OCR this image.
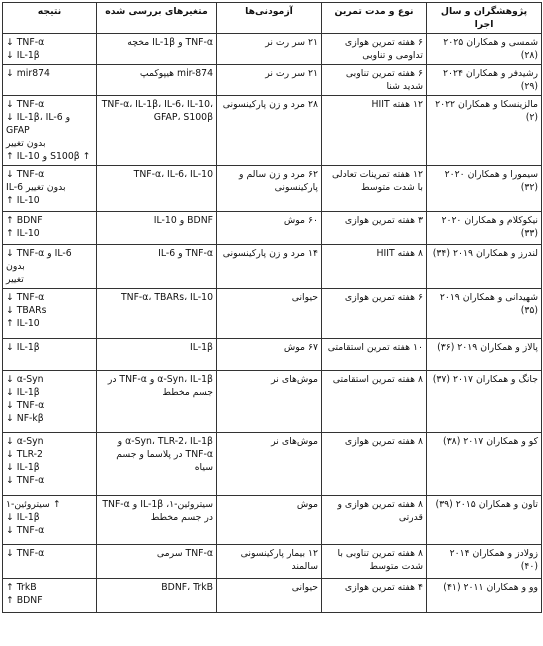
پژوهشگران و سال اجرا	نوع و مدت تمرین	آزمودنی‌ها	متغیرهای بررسی شده	نتیجه
شمسی و همکاران ۲۰۲۵ (۲۸)	۶ هفته تمرین هوازی تداومی و تناوبی	۲۱ سر رت نر	TNF-α و IL-1β مخچه	↓ TNF-α
↓ IL-1β

رشیدفر و همکاران ۲۰۲۴ (۲۹)	۶ هفته تمرین تناوبی شدید شنا	۲۱ سر رت نر	mir-874 هیپوکمپ	↓ mir874

مالزینسکا و همکاران ۲۰۲۲ (۲)	۱۲ هفته HIIT	۲۸ مرد و زن پارکینسونی	TNF-α، IL-1β، IL-6، IL-10، GFAP، S100β	↓ TNF-α
↓ IL-1β، IL-6 و GFAP
بدون تغییر
↑ IL-10 و S100β ↑

سیمورا و همکاران ۲۰۲۰ (۳۲)	۱۲ هفته تمرینات تعادلی با شدت متوسط	۶۲ مرد و زن سالم و پارکینسونی	TNF-α، IL-6، IL-10	↓ TNF-α
IL-6 بدون تغییر
↑ IL-10

نیکوکلام و همکاران ۲۰۲۰ (۳۳)	۳ هفته تمرین هوازی	۶۰ موش	BDNF و IL-10	↑ BDNF
↑ IL-10

لندرز و همکاران ۲۰۱۹ (۳۴)	۸ هفته HIIT	۱۴ مرد و زن پارکینسونی	TNF-α و IL-6	↓ TNF-α و IL-6 بدون
تغییر

شهیدانی و همکاران ۲۰۱۹ (۳۵)	۶ هفته تمرین هوازی	حیوانی	TNF-α، TBARs، IL-10	↓ TNF-α
↓ TBARs
↑ IL-10

پالاز و همکاران ۲۰۱۹ (۳۶)	۱۰ هفته تمرین استقامتی	۶۷ موش	IL-1β	↓ IL-1β

جانگ و همکاران ۲۰۱۷ (۳۷)	۸ هفته تمرین استقامتی	موش‌های نر	α-Syn، IL-1β و TNF-α در جسم مخطط	↓ α-Syn
↓ IL-1β
↓ TNF-α
↓ NF-kβ

کو و همکاران ۲۰۱۷ (۳۸)	۸ هفته تمرین هوازی	موش‌های نر	α-Syn، TLR-2، IL-1β و TNF-α در پلاسما و جسم سیاه	↓ α-Syn
↓ TLR-2
↓ IL-1β
↓ TNF-α

تاون و همکاران ۲۰۱۵ (۳۹)	۸ هفته تمرین هوازی و قدرتی	موش	سیتروئین-۱، IL-1β و TNF-α در جسم مخطط	سیتروئین-۱ ↑
↓ IL-1β
↓ TNF-α

زولادز و همکاران ۲۰۱۴ (۴۰)	۸ هفته تمرین تناوبی با شدت متوسط	۱۲ بیمار پارکینسونی سالمند	TNF-α سرمی	↓ TNF-α

وو و همکاران ۲۰۱۱ (۴۱)	۴ هفته تمرین هوازی	حیوانی	BDNF، TrkB	↑ TrkB
↑ BDNF
